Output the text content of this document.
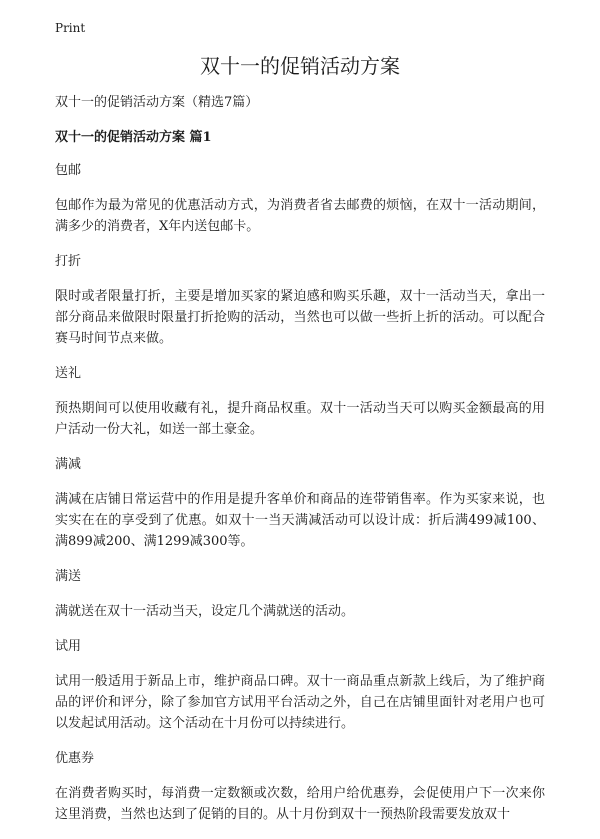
Print
双十一的促销活动方案

双十一的促销活动方案（精选7篇）

双十一的促销活动方案 篇1

包邮

包邮作为最为常见的优惠活动方式，为消费者省去邮费的烦恼，在双十一活动期间，满多少的消费者，X年内送包邮卡。

打折

限时或者限量打折，主要是增加买家的紧迫感和购买乐趣，双十一活动当天，拿出一部分商品来做限时限量打折抢购的活动，当然也可以做一些折上折的活动。可以配合赛马时间节点来做。

送礼

预热期间可以使用收藏有礼，提升商品权重。双十一活动当天可以购买金额最高的用户活动一份大礼，如送一部土豪金。

满减

满减在店铺日常运营中的作用是提升客单价和商品的连带销售率。作为买家来说，也实实在在的享受到了优惠。如双十一当天满减活动可以设计成：折后满499减100、满899减200、满1299减300等。

满送

满就送在双十一活动当天，设定几个满就送的活动。

试用

试用一般适用于新品上市，维护商品口碑。双十一商品重点新款上线后，为了维护商品的评价和评分，除了参加官方试用平台活动之外，自己在店铺里面针对老用户也可以发起试用活动。这个活动在十月份可以持续进行。

优惠券

在消费者购买时，每消费一定数额或次数，给用户给优惠券，会促使用户下一次来你这里消费，当然也达到了促销的目的。从十月份到双十一预热阶段需要发放双十
